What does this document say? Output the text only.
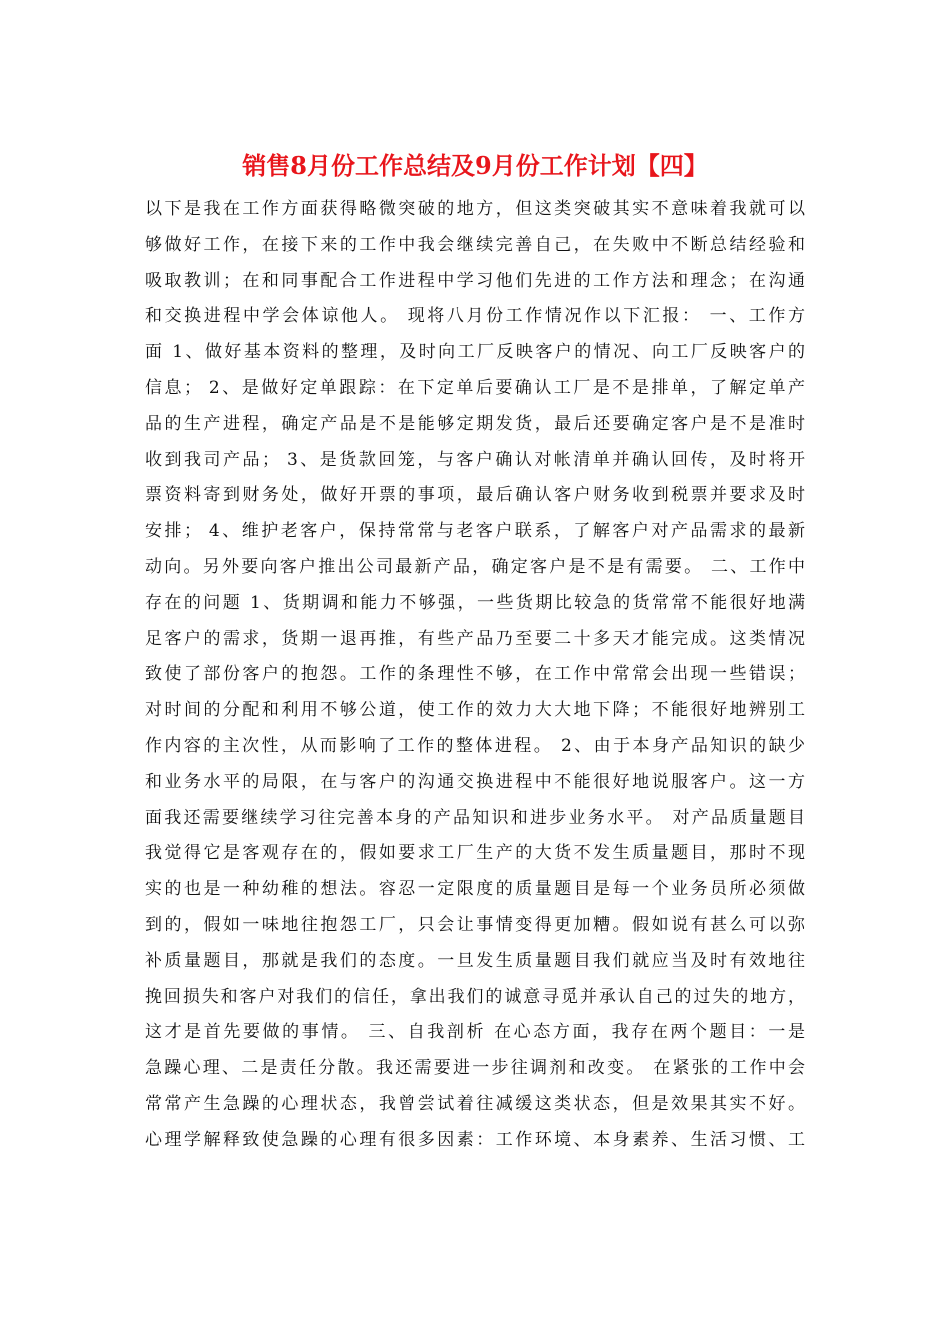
销售8月份工作总结及9月份工作计划【四】
以下是我在工作方面获得略微突破的地方，但这类突破其实不意味着我就可以
够做好工作，在接下来的工作中我会继续完善自己，在失败中不断总结经验和
吸取教训；在和同事配合工作进程中学习他们先进的工作方法和理念；在沟通
和交换进程中学会体谅他人。 现将八月份工作情况作以下汇报： 一、工作方
面 1、做好基本资料的整理，及时向工厂反映客户的情况、向工厂反映客户的
信息； 2、是做好定单跟踪：在下定单后要确认工厂是不是排单，了解定单产
品的生产进程，确定产品是不是能够定期发货，最后还要确定客户是不是准时
收到我司产品； 3、是货款回笼，与客户确认对帐清单并确认回传，及时将开
票资料寄到财务处，做好开票的事项，最后确认客户财务收到税票并要求及时
安排； 4、维护老客户，保持常常与老客户联系，了解客户对产品需求的最新
动向。另外要向客户推出公司最新产品，确定客户是不是有需要。 二、工作中
存在的问题 1、货期调和能力不够强，一些货期比较急的货常常不能很好地满
足客户的需求，货期一退再推，有些产品乃至要二十多天才能完成。这类情况
致使了部份客户的抱怨。工作的条理性不够，在工作中常常会出现一些错误；
对时间的分配和利用不够公道，使工作的效力大大地下降；不能很好地辨别工
作内容的主次性，从而影响了工作的整体进程。 2、由于本身产品知识的缺少
和业务水平的局限，在与客户的沟通交换进程中不能很好地说服客户。这一方
面我还需要继续学习往完善本身的产品知识和进步业务水平。 对产品质量题目
我觉得它是客观存在的，假如要求工厂生产的大货不发生质量题目，那时不现
实的也是一种幼稚的想法。容忍一定限度的质量题目是每一个业务员所必须做
到的，假如一味地往抱怨工厂，只会让事情变得更加糟。假如说有甚么可以弥
补质量题目，那就是我们的态度。一旦发生质量题目我们就应当及时有效地往
挽回损失和客户对我们的信任，拿出我们的诚意寻觅并承认自己的过失的地方，
这才是首先要做的事情。 三、自我剖析 在心态方面，我存在两个题目：一是
急躁心理、二是责任分散。我还需要进一步往调剂和改变。 在紧张的工作中会
常常产生急躁的心理状态，我曾尝试着往减缓这类状态，但是效果其实不好。
心理学解释致使急躁的心理有很多因素：工作环境、本身素养、生活习惯、工
